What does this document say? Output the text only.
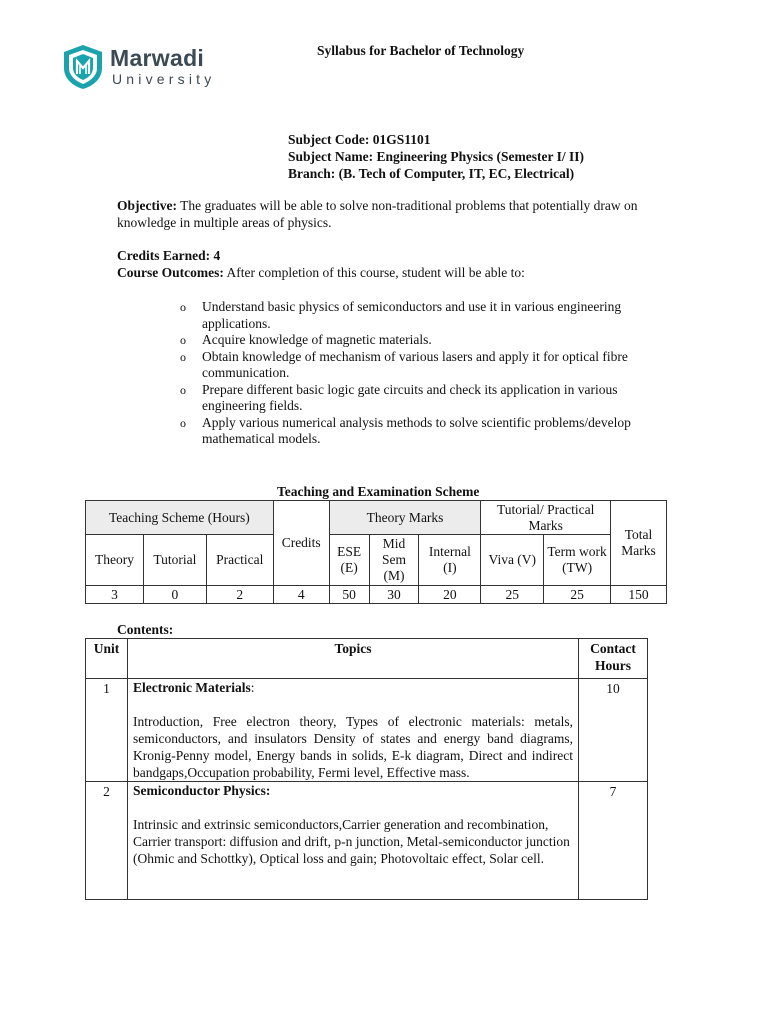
Marwadi
University
Syllabus for Bachelor of Technology
Subject Code: 01GS1101
Subject Name: Engineering Physics (Semester I/ II)
Branch: (B. Tech of Computer, IT, EC, Electrical)
Objective: The graduates will be able to solve non-traditional problems that potentially draw on knowledge in multiple areas of physics.
Credits Earned: 4
Course Outcomes: After completion of this course, student will be able to:
o Understand basic physics of semiconductors and use it in various engineering applications.
o Acquire knowledge of magnetic materials.
o Obtain knowledge of mechanism of various lasers and apply it for optical fibre communication.
o Prepare different basic logic gate circuits and check its application in various engineering fields.
o Apply various numerical analysis methods to solve scientific problems/develop mathematical models.
Teaching and Examination Scheme
Teaching Scheme (Hours)			Credits	Theory Marks			Tutorial/ Practical Marks		Total Marks
Theory	Tutorial	Practical		ESE (E)	Mid Sem (M)	Internal (I)	Viva (V)	Term work (TW)	
3	0	2	4	50	30	20	25	25	150
Contents:
Unit	Topics	Contact Hours
1	Electronic Materials:
Introduction, Free electron theory, Types of electronic materials: metals, semiconductors, and insulators Density of states and energy band diagrams, Kronig-Penny model, Energy bands in solids, E-k diagram, Direct and indirect bandgaps,Occupation probability, Fermi level, Effective mass.	10
2	Semiconductor Physics:
Intrinsic and extrinsic semiconductors,Carrier generation and recombination, Carrier transport: diffusion and drift, p-n junction, Metal-semiconductor junction (Ohmic and Schottky), Optical loss and gain; Photovoltaic effect, Solar cell.	7
